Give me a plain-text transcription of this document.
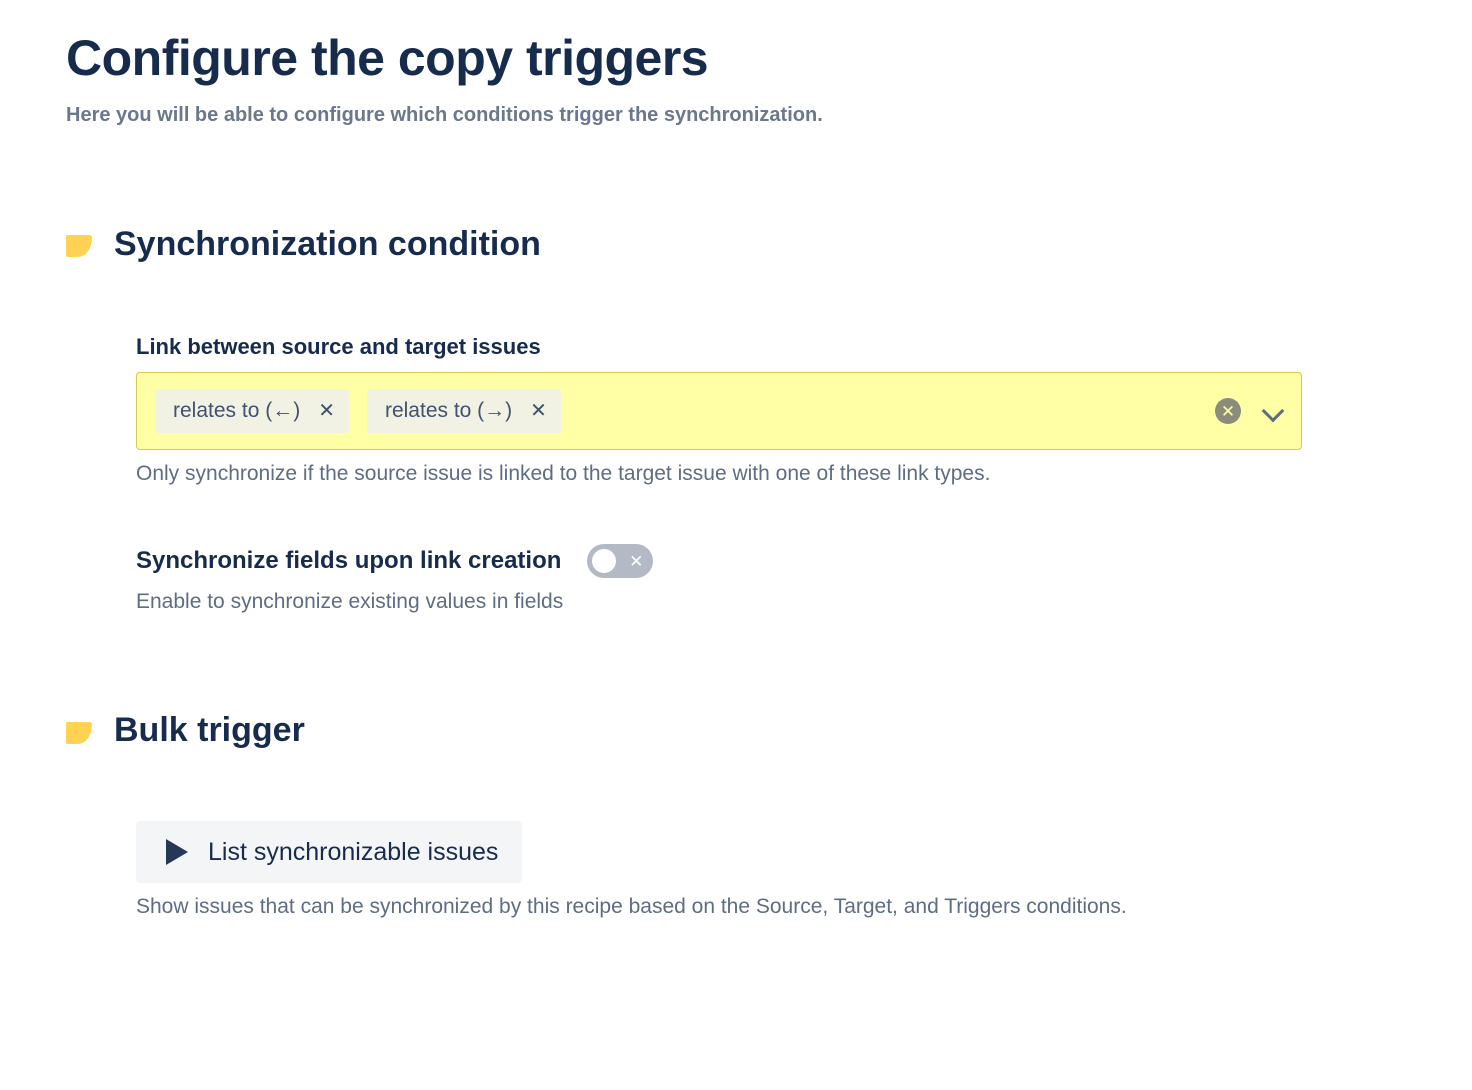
Configure the copy triggers

Here you will be able to configure which conditions trigger the synchronization.

Synchronization condition
Link between source and target issues
relates to (←) ✕ relates to (→) ✕	✕

Only synchronize if the source issue is linked to the target issue with one of these link types.

Synchronize fields upon link creation	✕

Enable to synchronize existing values in fields

Bulk trigger
List synchronizable issues

Show issues that can be synchronized by this recipe based on the Source, Target, and Triggers conditions.
